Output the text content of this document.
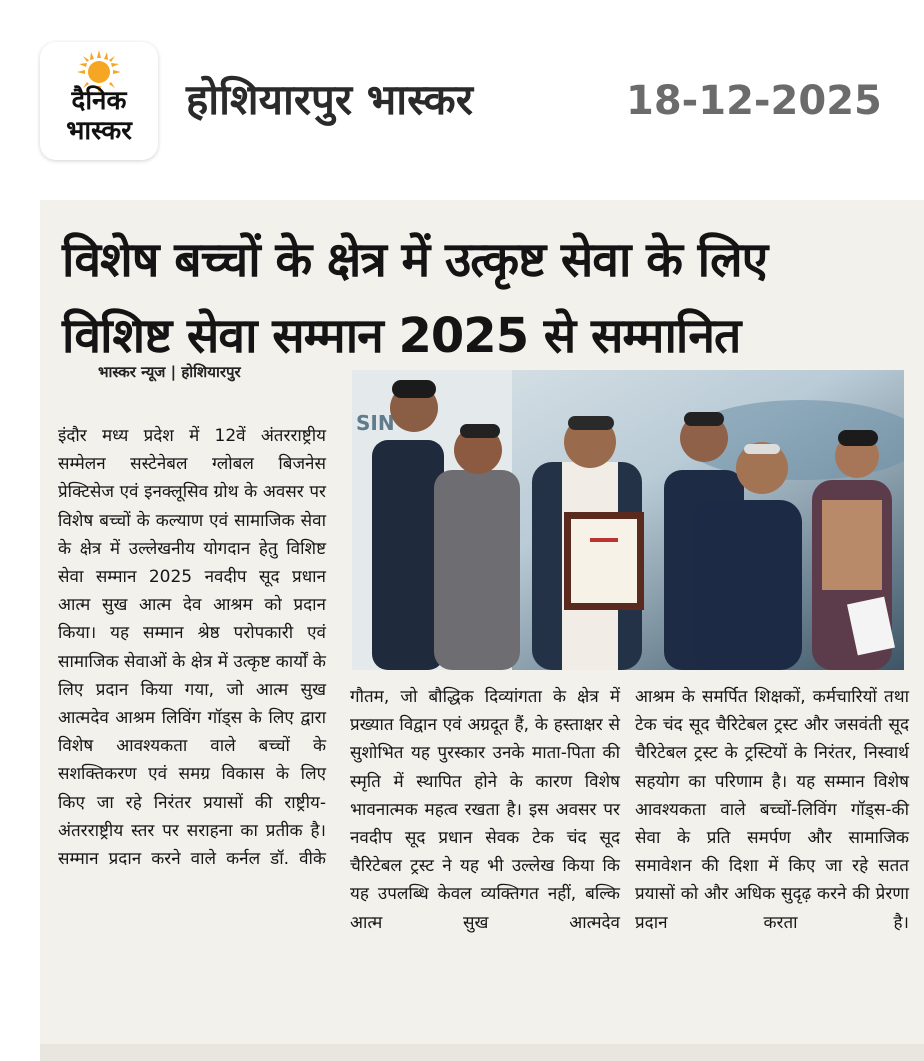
दैनिक
भास्कर
होशियारपुर भास्कर	18-12-2025
विशेष बच्चों के क्षेत्र में उत्कृष्ट सेवा के लिए
विशिष्ट सेवा सम्मान 2025 से सम्मानित
भास्कर न्यूज | होशियारपुर
इंदौर मध्य प्रदेश में 12वें अंतरराष्ट्रीय सम्मेलन सस्टेनेबल ग्लोबल बिजनेस प्रेक्टिसेज एवं इनक्लूसिव ग्रोथ के अवसर पर विशेष बच्चों के कल्याण एवं सामाजिक सेवा के क्षेत्र में उल्लेखनीय योगदान हेतु विशिष्ट सेवा सम्मान 2025 नवदीप सूद प्रधान आत्म सुख आत्म देव आश्रम को प्रदान किया। यह सम्मान श्रेष्ठ परोपकारी एवं सामाजिक सेवाओं के क्षेत्र में उत्कृष्ट कार्यों के लिए प्रदान किया गया, जो आत्म सुख आत्मदेव आश्रम लिविंग गॉड्स के लिए द्वारा विशेष आवश्यकता वाले बच्चों के सशक्तिकरण एवं समग्र विकास के लिए किए जा रहे निरंतर प्रयासों की राष्ट्रीय-अंतरराष्ट्रीय स्तर पर सराहना का प्रतीक है। सम्मान प्रदान करने वाले कर्नल डॉ. वीके
SIN
गौतम, जो बौद्धिक दिव्यांगता के क्षेत्र में प्रख्यात विद्वान एवं अग्रदूत हैं, के हस्ताक्षर से सुशोभित यह पुरस्कार उनके माता-पिता की स्मृति में स्थापित होने के कारण विशेष भावनात्मक महत्व रखता है। इस अवसर पर नवदीप सूद प्रधान सेवक टेक चंद सूद चैरिटेबल ट्रस्ट ने यह भी उल्लेख किया कि यह उपलब्धि केवल व्यक्तिगत नहीं, बल्कि आत्म सुख आत्मदेव
आश्रम के समर्पित शिक्षकों, कर्मचारियों तथा टेक चंद सूद चैरिटेबल ट्रस्ट और जसवंती सूद चैरिटेबल ट्रस्ट के ट्रस्टियों के निरंतर, निस्वार्थ सहयोग का परिणाम है। यह सम्मान विशेष आवश्यकता वाले बच्चों-लिविंग गॉड्स-की सेवा के प्रति समर्पण और सामाजिक समावेशन की दिशा में किए जा रहे सतत प्रयासों को और अधिक सुदृढ़ करने की प्रेरणा प्रदान करता है।
